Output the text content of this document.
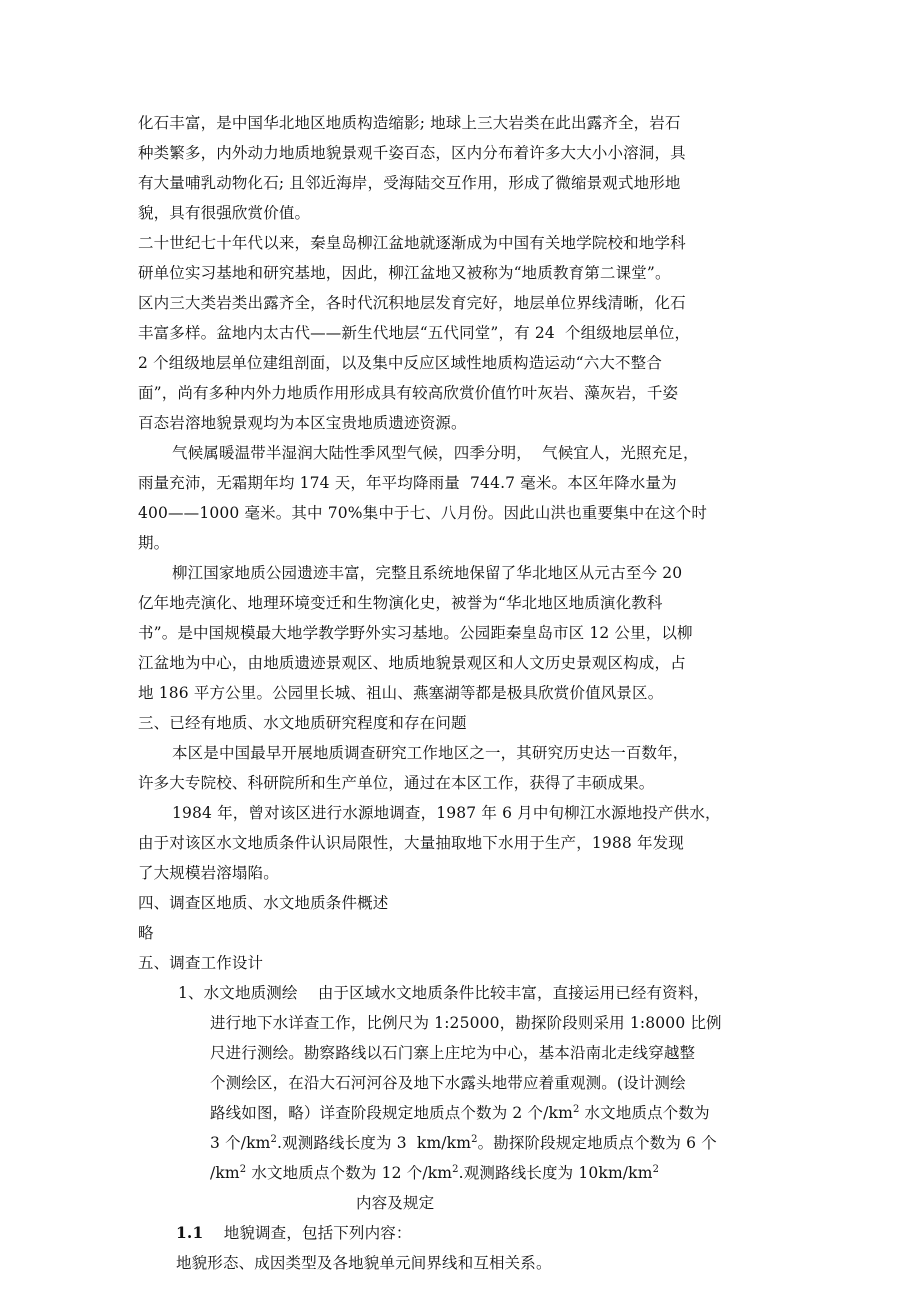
化石丰富，是中国华北地区地质构造缩影; 地球上三大岩类在此出露齐全，岩石
种类繁多，内外动力地质地貌景观千姿百态，区内分布着许多大大小小溶洞，具
有大量哺乳动物化石; 且邻近海岸，受海陆交互作用，形成了微缩景观式地形地
貌，具有很强欣赏价值。
二十世纪七十年代以来，秦皇岛柳江盆地就逐渐成为中国有关地学院校和地学科
研单位实习基地和研究基地，因此，柳江盆地又被称为“地质教育第二课堂”。
区内三大类岩类出露齐全，各时代沉积地层发育完好，地层单位界线清晰，化石
丰富多样。盆地内太古代——新生代地层“五代同堂”，有 24  个组级地层单位，
2 个组级地层单位建组剖面，以及集中反应区域性地质构造运动“六大不整合
面”，尚有多种内外力地质作用形成具有较高欣赏价值竹叶灰岩、藻灰岩，千姿
百态岩溶地貌景观均为本区宝贵地质遗迹资源。
气候属暖温带半湿润大陆性季风型气候，四季分明，  气候宜人，光照充足，
雨量充沛，无霜期年均 174 天，年平均降雨量  744.7 毫米。本区年降水量为
400——1000 毫米。其中 70%集中于七、八月份。因此山洪也重要集中在这个时
期。
柳江国家地质公园遗迹丰富，完整且系统地保留了华北地区从元古至今 20
亿年地壳演化、地理环境变迁和生物演化史，被誉为“华北地区地质演化教科
书”。是中国规模最大地学教学野外实习基地。公园距秦皇岛市区 12 公里，以柳
江盆地为中心，由地质遗迹景观区、地质地貌景观区和人文历史景观区构成，占
地 186 平方公里。公园里长城、祖山、燕塞湖等都是极具欣赏价值风景区。
三、已经有地质、水文地质研究程度和存在问题
本区是中国最早开展地质调查研究工作地区之一，其研究历史达一百数年，
许多大专院校、科研院所和生产单位，通过在本区工作，获得了丰硕成果。
1984 年，曾对该区进行水源地调查，1987 年 6 月中旬柳江水源地投产供水，
由于对该区水文地质条件认识局限性，大量抽取地下水用于生产，1988 年发现
了大规模岩溶塌陷。
四、调查区地质、水文地质条件概述
略
五、调查工作设计
1、水文地质测绘    由于区域水文地质条件比较丰富，直接运用已经有资料，
进行地下水详查工作，比例尺为 1:25000，勘探阶段则采用 1:8000 比例
尺进行测绘。勘察路线以石门寨上庄坨为中心，基本沿南北走线穿越整
个测绘区，在沿大石河河谷及地下水露头地带应着重观测。(设计测绘
路线如图，略）详查阶段规定地质点个数为 2 个$/km^2$ 水文地质点个数为
3 个$/km^2$.观测路线长度为 3  $km/km^2$。勘探阶段规定地质点个数为 6 个
$/km^2$ 水文地质点个数为 12 个$/km^2$.观测路线长度为 $10km/km^2$
内容及规定
1.1 地貌调查，包括下列内容：
地貌形态、成因类型及各地貌单元间界线和互相关系。
